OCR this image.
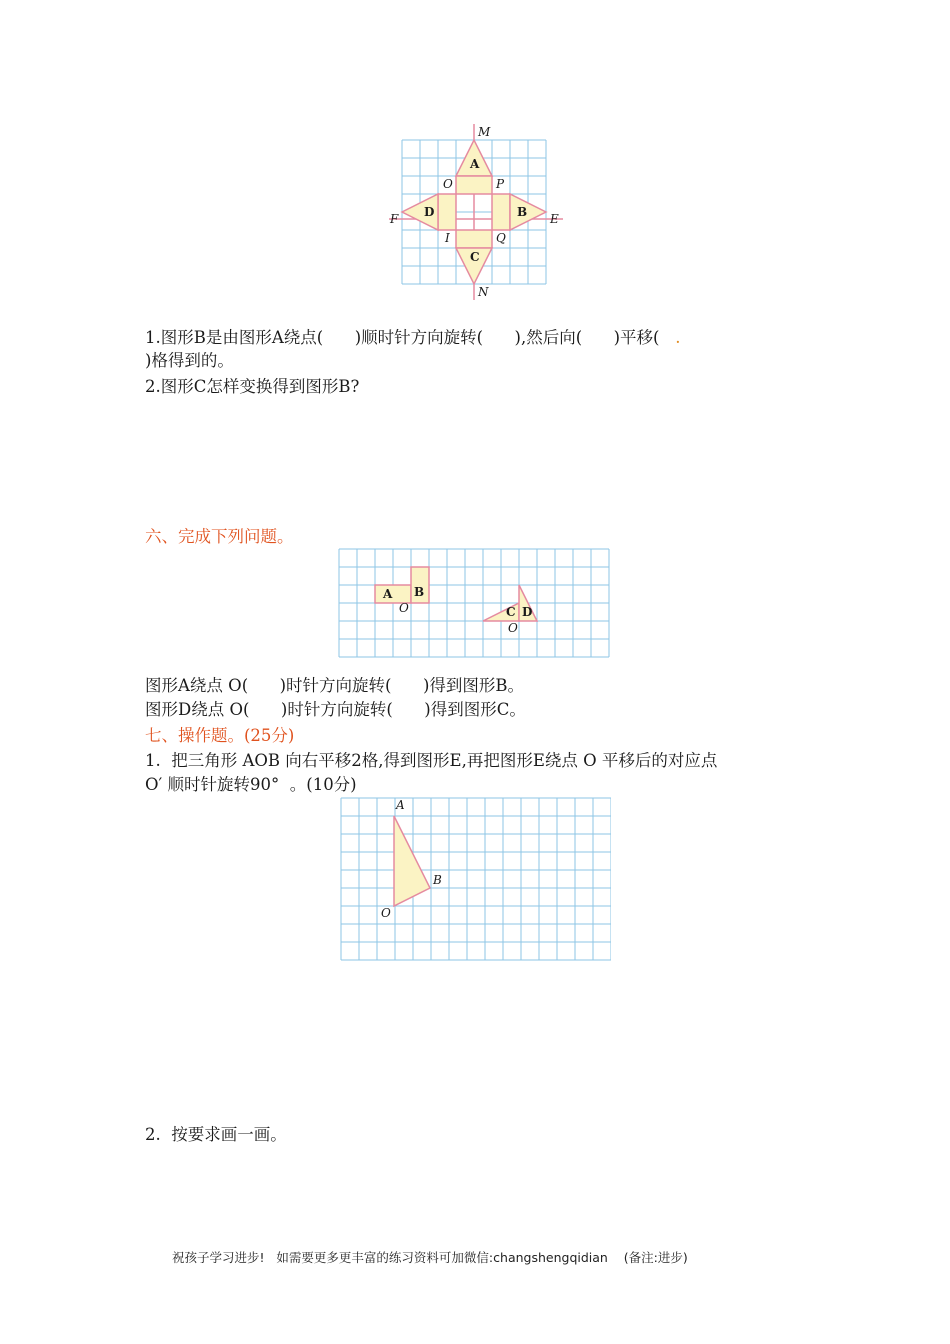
M
N
E
F
O	P
I	Q
A
B
C
D
1.图形B是由图形A绕点(      )顺时针方向旋转(      ),然后向(      )平移(   .
)格得到的。
2.图形C怎样变换得到图形B?
六、完成下列问题。
A B
O	C D
O
图形A绕点 O(      )时针方向旋转(      )得到图形B。
图形D绕点 O(      )时针方向旋转(      )得到图形C。
七、操作题。(25分)
1.  把三角形 AOB 向右平移2格,得到图形E,再把图形E绕点 O 平移后的对应点
O′ 顺时针旋转90°  。(10分)
A
B
O
2.  按要求画一画。
祝孩子学习进步!   如需要更多更丰富的练习资料可加微信:changshengqidian    (备注:进步)
